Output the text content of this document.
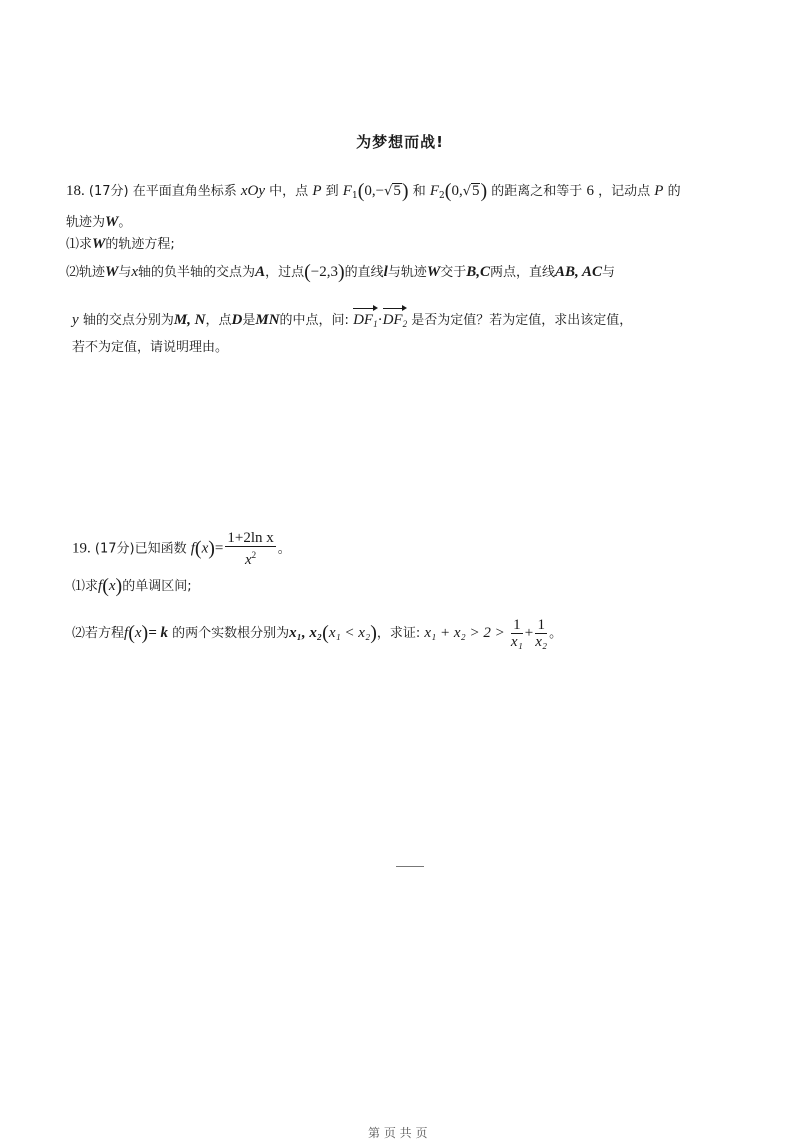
为梦想而战!
18. (17分) 在平面直角坐标系 xOy 中，点 P 到 $F_1(0,-√5)$ 和 $F_2(0,√5)$ 的距离之和等于 6 ，记动点 P 的
轨迹为W。
⑴求W的轨迹方程;
⑵轨迹W与x轴的负半轴的交点为A，过点(−2,3)的直线l与轨迹W交于B,C两点，直线AB, AC与
y 轴的交点分别为M, N，点D是MN的中点，问: $DF_1\cdot DF_2$ 是否为定值？若为定值，求出该定值，
若不为定值，请说明理由。
19. (17分)已知函数 $f(x)= \frac{\text{1+2ln x}}{x^2}$ 。
⑴求f(x)的单调区间;
⑵若方程f(x)= k 的两个实数根分别为x₁, x₂(x₁ < x₂)，求证: $x_1 + x_2 > 2 > \frac{1}{\text{x₁}} + \frac{1}{\text{x₂}}$ 。
第 页 共 页
